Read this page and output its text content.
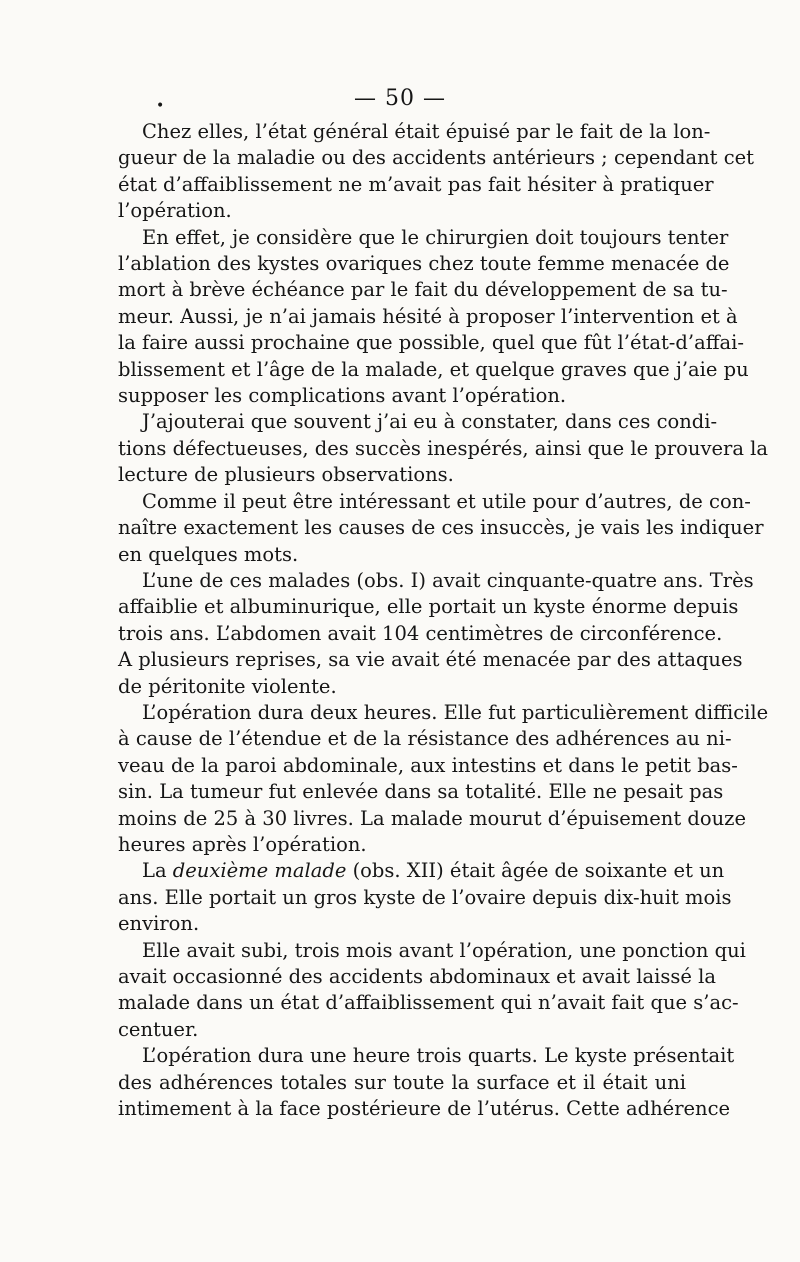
•	— 50 —
Chez elles, l’état général était épuisé par le fait de la lon-
gueur de la maladie ou des accidents antérieurs ; cependant cet
état d’affaiblissement ne m’avait pas fait hésiter à pratiquer
l’opération.
En effet, je considère que le chirurgien doit toujours tenter
l’ablation des kystes ovariques chez toute femme menacée de
mort à brève échéance par le fait du développement de sa tu-
meur. Aussi, je n’ai jamais hésité à proposer l’intervention et à
la faire aussi prochaine que possible, quel que fût l’état-d’affai-
blissement et l’âge de la malade, et quelque graves que j’aie pu
supposer les complications avant l’opération.
J’ajouterai que souvent j’ai eu à constater, dans ces condi-
tions défectueuses, des succès inespérés, ainsi que le prouvera la
lecture de plusieurs observations.
Comme il peut être intéressant et utile pour d’autres, de con-
naître exactement les causes de ces insuccès, je vais les indiquer
en quelques mots.
L’une de ces malades (obs. I) avait cinquante-quatre ans. Très
affaiblie et albuminurique, elle portait un kyste énorme depuis
trois ans. L’abdomen avait 104 centimètres de circonférence.
A plusieurs reprises, sa vie avait été menacée par des attaques
de péritonite violente.
L’opération dura deux heures. Elle fut particulièrement difficile
à cause de l’étendue et de la résistance des adhérences au ni-
veau de la paroi abdominale, aux intestins et dans le petit bas-
sin. La tumeur fut enlevée dans sa totalité. Elle ne pesait pas
moins de 25 à 30 livres. La malade mourut d’épuisement douze
heures après l’opération.
La deuxième malade (obs. XII) était âgée de soixante et un
ans. Elle portait un gros kyste de l’ovaire depuis dix-huit mois
environ.
Elle avait subi, trois mois avant l’opération, une ponction qui
avait occasionné des accidents abdominaux et avait laissé la
malade dans un état d’affaiblissement qui n’avait fait que s’ac-
centuer.
L’opération dura une heure trois quarts. Le kyste présentait
des adhérences totales sur toute la surface et il était uni
intimement à la face postérieure de l’utérus. Cette adhérence
